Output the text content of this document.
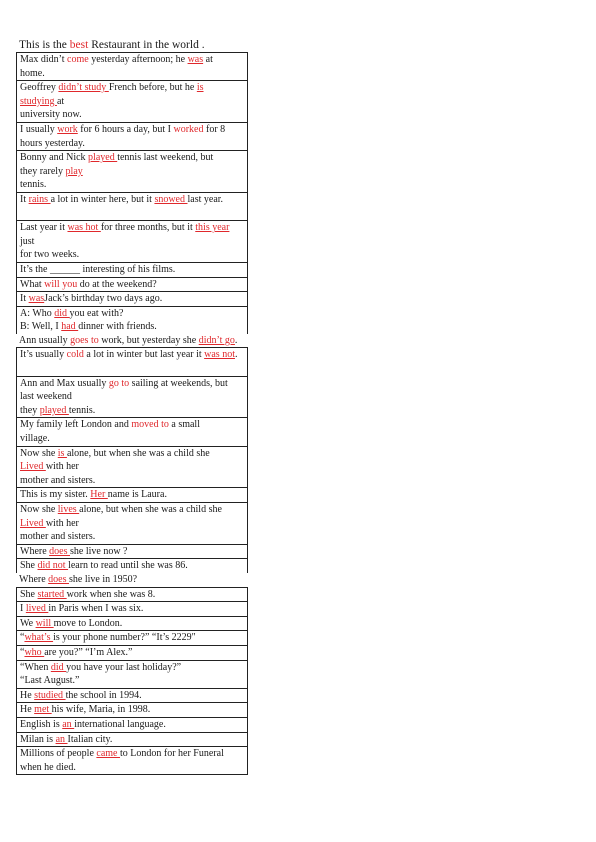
This is the best Restaurant in the world .
Max didn’t come yesterday afternoon; he was at
home.
Geoffrey didn’t study French before, but he is
studying at
university now.
I usually work for 6 hours a day, but I worked for 8
hours yesterday.
Bonny and Nick played tennis last weekend, but
they rarely play
tennis.
It rains a lot in winter here, but it snowed last year.
Last year it was hot for three months, but it this year
just
for two weeks.
It’s the ______ interesting of his films.
What will you do at the weekend?
It wasJack’s birthday two days ago.
A: Who did you eat with?
B: Well, I had dinner with friends.
Ann usually goes to work, but yesterday she didn’t go.
It’s usually cold a lot in winter but last year it was not.
Ann and Max usually go to sailing at weekends, but
last weekend
they played tennis.
My family left London and moved to a small
village.
Now she is alone, but when she was a child she
Lived with her
mother and sisters.
This is my sister. Her name is Laura.
Now she lives alone, but when she was a child she
Lived with her
mother and sisters.
Where does she live now ?
She did not learn to read until she was 86.
Where does she live in 1950?
She started work when she was 8.
I lived in Paris when I was six.
We will move to London.
“what’s is your phone number?” “It’s 2229"
“who are you?” “I’m Alex.”
“When did you have your last holiday?”
“Last August.”
He studied the school in 1994.
He met his wife, Maria, in 1998.
English is an international language.
Milan is an Italian city.
Millions of people came to London for her Funeral
when he died.
